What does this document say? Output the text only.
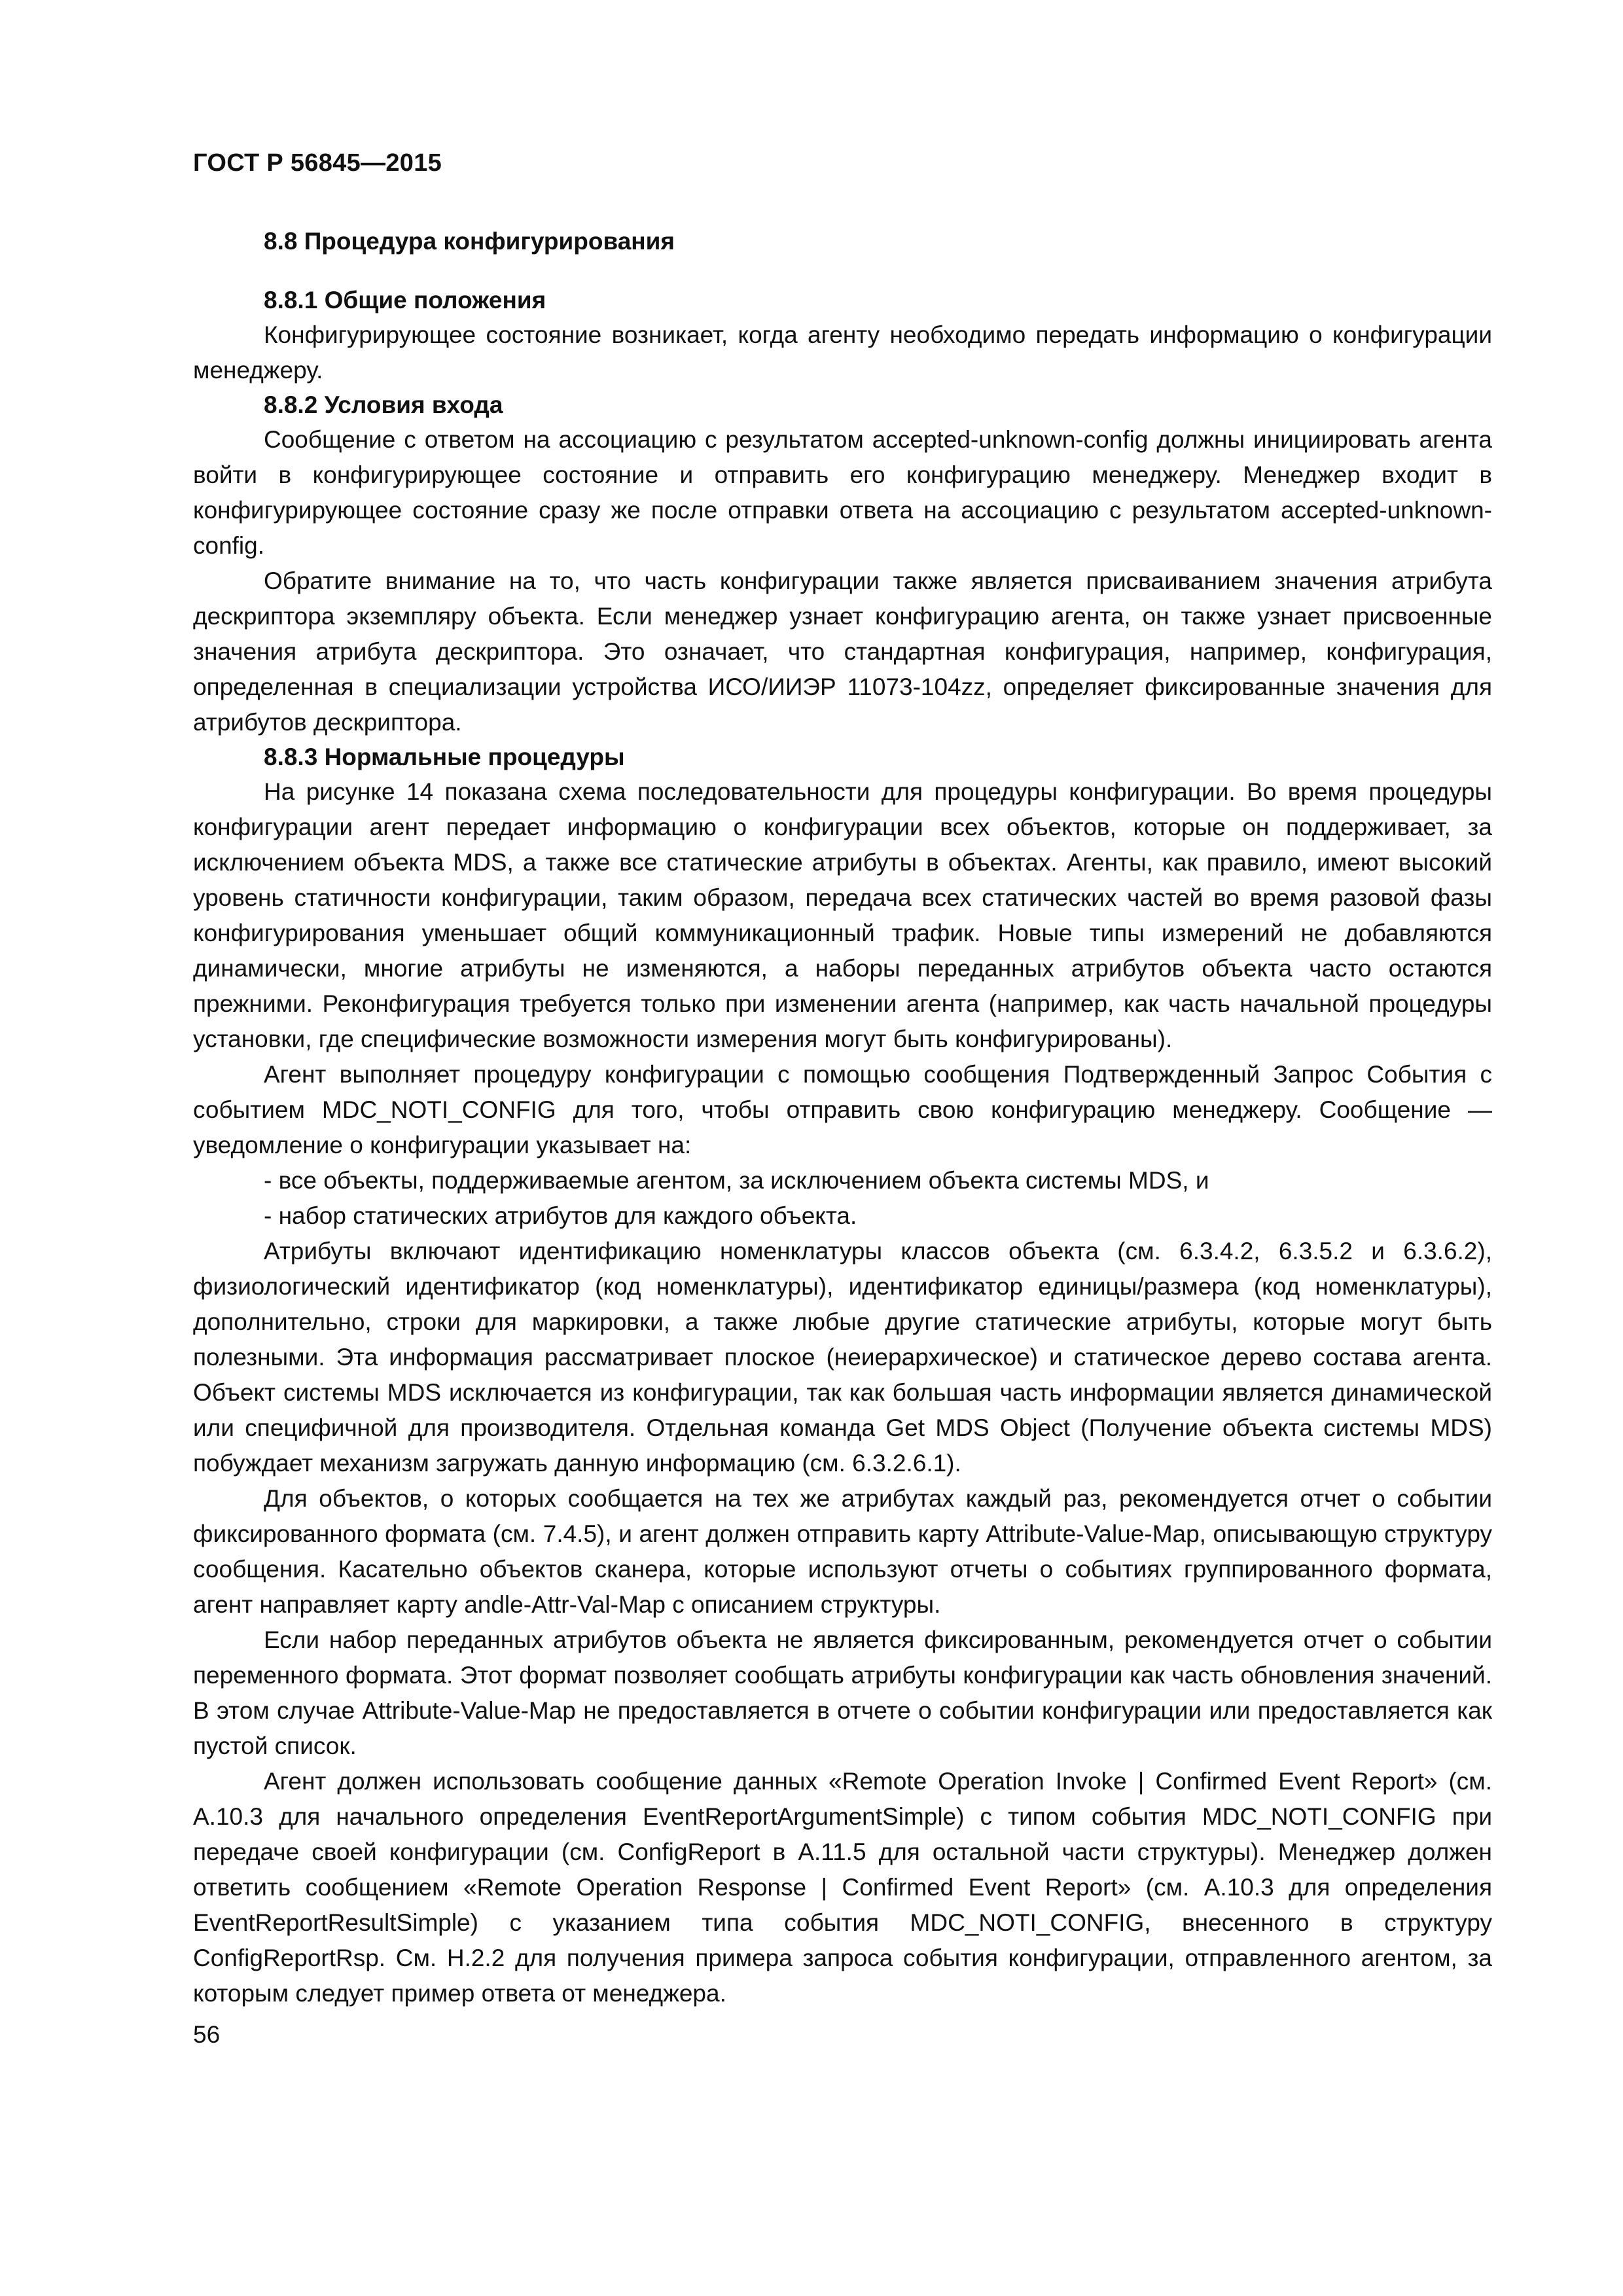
ГОСТ Р 56845—2015
8.8 Процедура конфигурирования
8.8.1 Общие положения

Конфигурирующее состояние возникает, когда агенту необходимо передать информацию о конфигурации менеджеру.

8.8.2 Условия входа

Сообщение с ответом на ассоциацию с результатом accepted-unknown-config должны инициировать агента войти в конфигурирующее состояние и отправить его конфигурацию менеджеру. Менеджер входит в конфигурирующее состояние сразу же после отправки ответа на ассоциацию с результатом accepted-unknown-config.

Обратите внимание на то, что часть конфигурации также является присваиванием значения атрибута дескриптора экземпляру объекта. Если менеджер узнает конфигурацию агента, он также узнает присвоенные значения атрибута дескриптора. Это означает, что стандартная конфигурация, например, конфигурация, определенная в специализации устройства ИСО/ИИЭР 11073-104zz, определяет фиксированные значения для атрибутов дескриптора.

8.8.3 Нормальные процедуры

На рисунке 14 показана схема последовательности для процедуры конфигурации. Во время процедуры конфигурации агент передает информацию о конфигурации всех объектов, которые он поддерживает, за исключением объекта MDS, а также все статические атрибуты в объектах. Агенты, как правило, имеют высокий уровень статичности конфигурации, таким образом, передача всех статических частей во время разовой фазы конфигурирования уменьшает общий коммуникационный трафик. Новые типы измерений не добавляются динамически, многие атрибуты не изменяются, а наборы переданных атрибутов объекта часто остаются прежними. Реконфигурация требуется только при изменении агента (например, как часть начальной процедуры установки, где специфические возможности измерения могут быть конфигурированы).

Агент выполняет процедуру конфигурации с помощью сообщения Подтвержденный Запрос События с событием MDC_NOTI_CONFIG для того, чтобы отправить свою конфигурацию менеджеру. Сообщение — уведомление о конфигурации указывает на:

- все объекты, поддерживаемые агентом, за исключением объекта системы MDS, и
- набор статических атрибутов для каждого объекта.

Атрибуты включают идентификацию номенклатуры классов объекта (см. 6.3.4.2, 6.3.5.2 и 6.3.6.2), физиологический идентификатор (код номенклатуры), идентификатор единицы/размера (код номенклатуры), дополнительно, строки для маркировки, а также любые другие статические атрибуты, которые могут быть полезными. Эта информация рассматривает плоское (неиерархическое) и статическое дерево состава агента. Объект системы MDS исключается из конфигурации, так как большая часть информации является динамической или специфичной для производителя. Отдельная команда Get MDS Object (Получение объекта системы MDS) побуждает механизм загружать данную информацию (см. 6.3.2.6.1).

Для объектов, о которых сообщается на тех же атрибутах каждый раз, рекомендуется отчет о событии фиксированного формата (см. 7.4.5), и агент должен отправить карту Attribute-Value-Map, описывающую структуру сообщения. Касательно объектов сканера, которые используют отчеты о событиях группированного формата, агент направляет карту andle-Attr-Val-Map с описанием структуры.

Если набор переданных атрибутов объекта не является фиксированным, рекомендуется отчет о событии переменного формата. Этот формат позволяет сообщать атрибуты конфигурации как часть обновления значений. В этом случае Attribute-Value-Map не предоставляется в отчете о событии конфигурации или предоставляется как пустой список.

Агент должен использовать сообщение данных «Remote Operation Invoke | Confirmed Event Report» (см. A.10.3 для начального определения EventReportArgumentSimple) с типом события MDC_NOTI_CONFIG при передаче своей конфигурации (см. ConfigReport в A.11.5 для остальной части структуры). Менеджер должен ответить сообщением «Remote Operation Response | Confirmed Event Report» (см. A.10.3 для определения EventReportResultSimple) с указанием типа события MDC_NOTI_CONFIG, внесенного в структуру ConfigReportRsp. См. H.2.2 для получения примера запроса события конфигурации, отправленного агентом, за которым следует пример ответа от менеджера.

56
